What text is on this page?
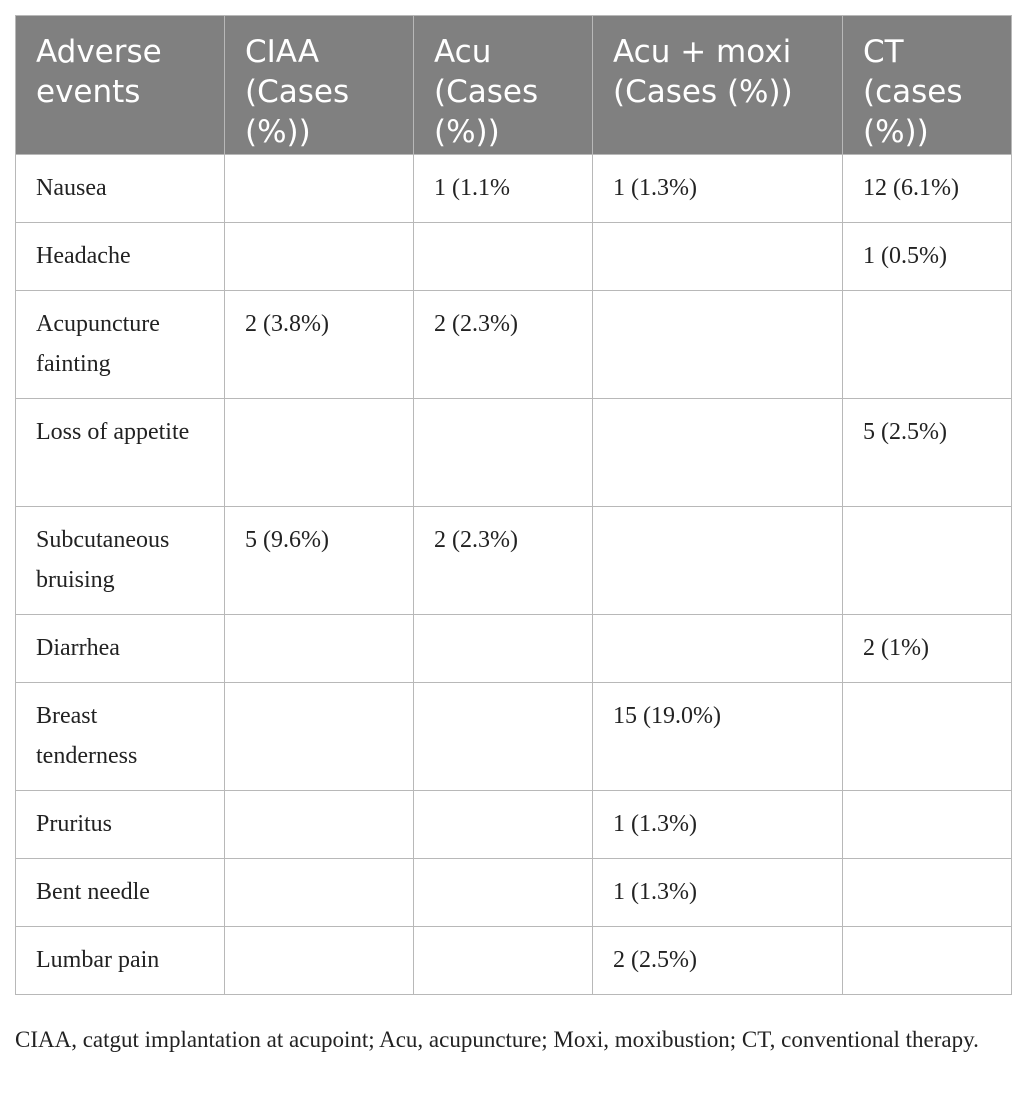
Adverse events	CIAA (Cases (%))	Acu (Cases (%))	Acu + moxi (Cases (%))	CT (cases (%))
Nausea		1 (1.1%	1 (1.3%)	12 (6.1%)
Headache				1 (0.5%)
Acupuncture fainting	2 (3.8%)	2 (2.3%)		
Loss of appetite				5 (2.5%)
Subcutaneous bruising	5 (9.6%)	2 (2.3%)		
Diarrhea				2 (1%)
Breast tenderness			15 (19.0%)	
Pruritus			1 (1.3%)	
Bent needle			1 (1.3%)	
Lumbar pain			2 (2.5%)	
CIAA, catgut implantation at acupoint; Acu, acupuncture; Moxi, moxibustion; CT, conventional therapy.
